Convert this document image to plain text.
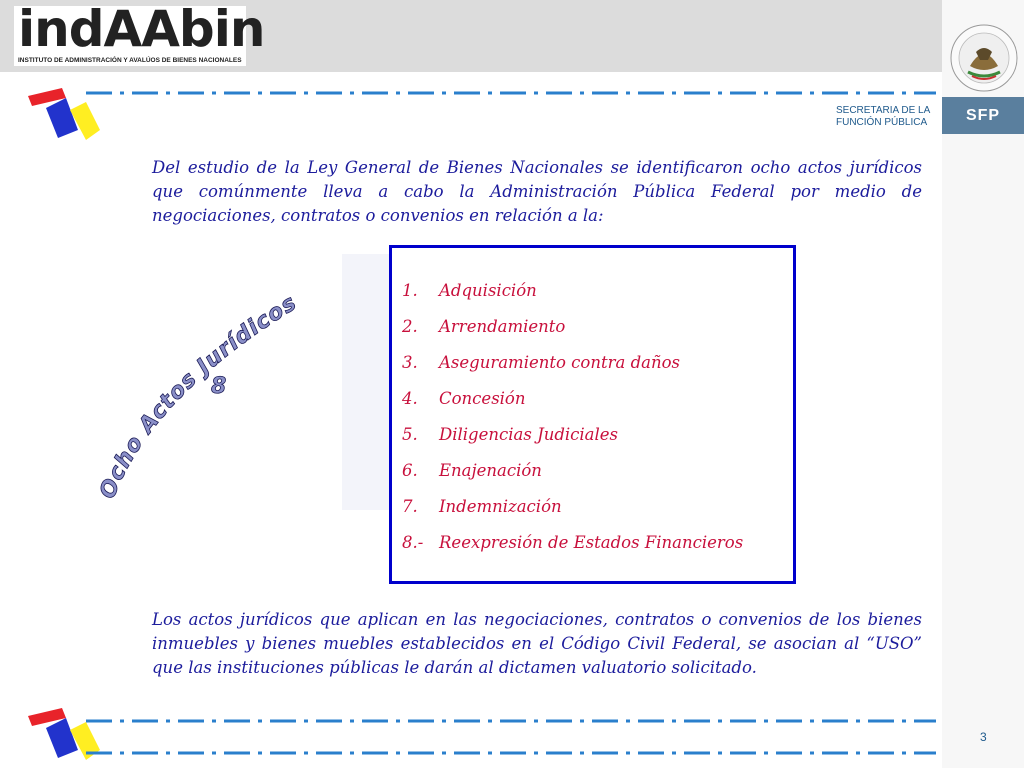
indAAbin
INSTITUTO DE ADMINISTRACIÓN Y AVALÚOS DE BIENES NACIONALES
SFP
SECRETARIA DE LA FUNCIÓN PÚBLICA
Del estudio de la Ley General de Bienes Nacionales se identificaron ocho actos jurídicos que comúnmente lleva a cabo la Administración Pública Federal por medio de negociaciones, contratos o convenios en relación a la:
Ocho Actos Jurídicos
8
1. Adquisición
2. Arrendamiento
3. Aseguramiento contra daños
4. Concesión
5. Diligencias Judiciales
6. Enajenación
7. Indemnización
8.- Reexpresión de Estados Financieros
Los actos jurídicos que aplican en las negociaciones, contratos o convenios de los bienes inmuebles y bienes muebles establecidos en el Código Civil Federal, se asocian al “USO” que las instituciones públicas le darán al dictamen valuatorio solicitado.
3
